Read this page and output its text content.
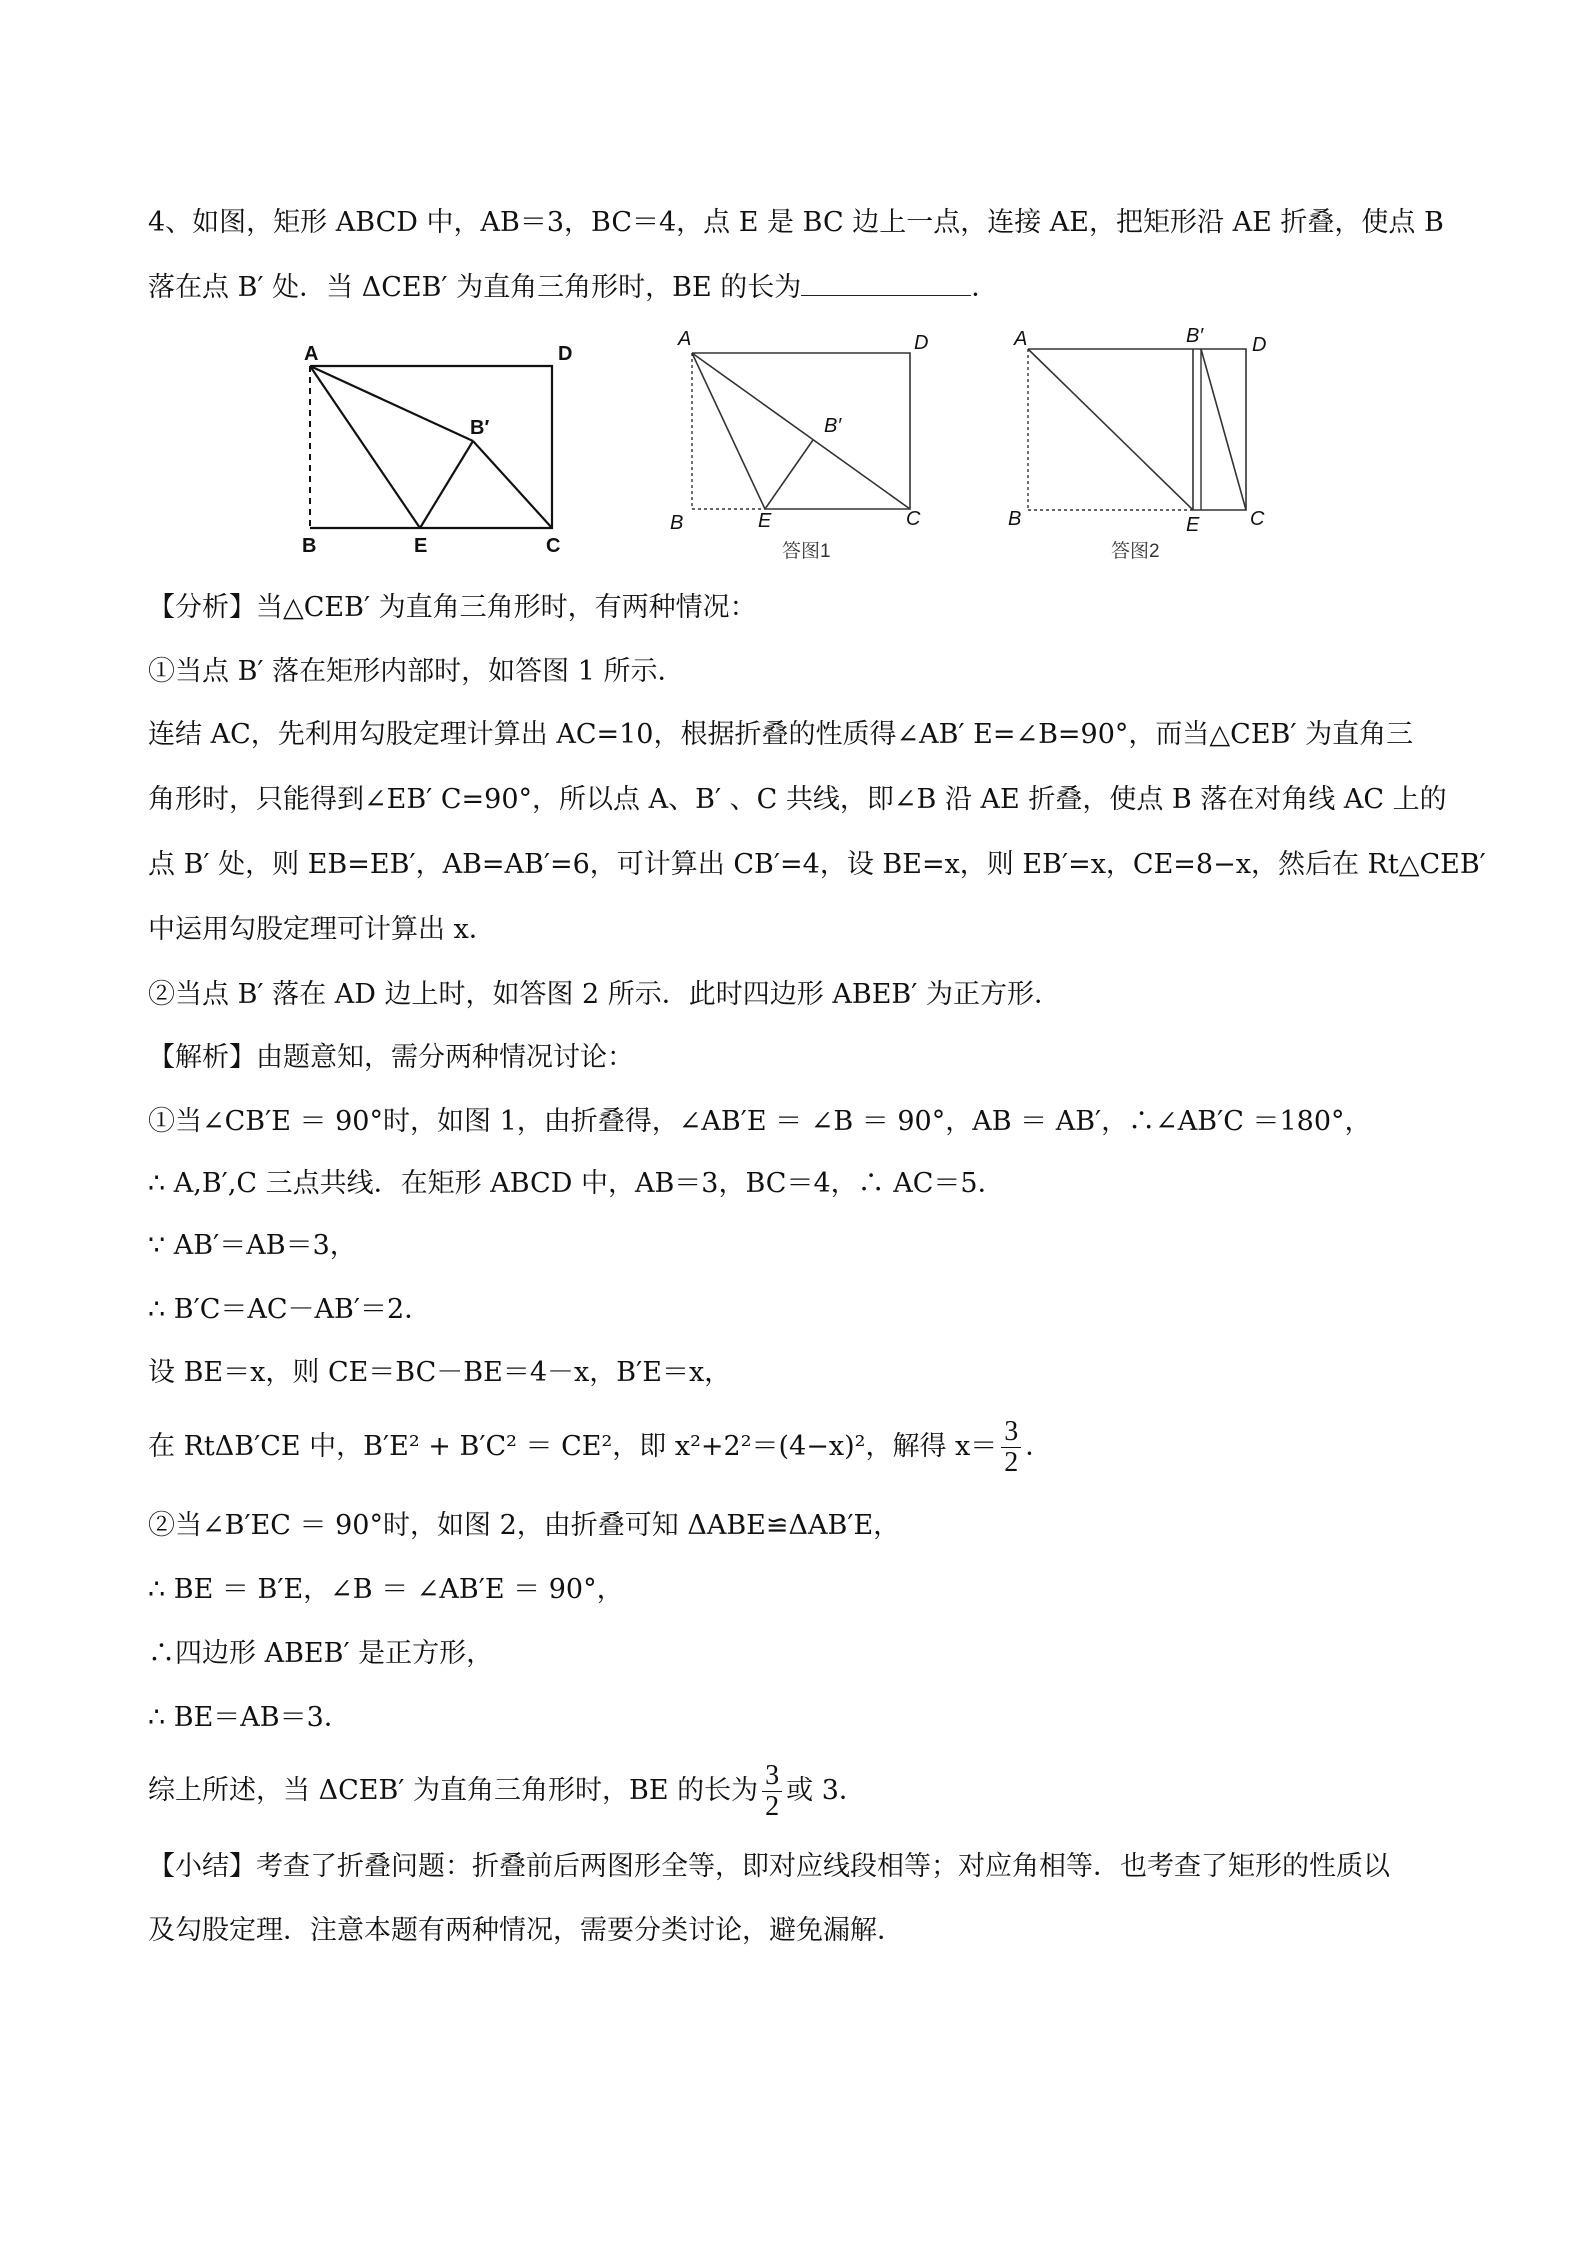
4、如图，矩形 ABCD 中，AB＝3，BC＝4，点 E 是 BC 边上一点，连接 AE，把矩形沿 AE 折叠，使点 B
落在点 B′ 处．当 ΔCEB′ 为直角三角形时，BE 的长为	．
A	D
B	E	C
B′
A	D
B	E	C
B′
答图1
A	B′ D
B	E	C
答图2
【分析】当△CEB′ 为直角三角形时，有两种情况：
①当点 B′ 落在矩形内部时，如答图 1 所示．
连结 AC，先利用勾股定理计算出 AC=10，根据折叠的性质得∠AB′ E=∠B=90°，而当△CEB′ 为直角三
角形时，只能得到∠EB′ C=90°，所以点 A、B′ 、C 共线，即∠B 沿 AE 折叠，使点 B 落在对角线 AC 上的
点 B′ 处，则 EB=EB′，AB=AB′=6，可计算出 CB′=4，设 BE=x，则 EB′=x，CE=8−x，然后在 Rt△CEB′
中运用勾股定理可计算出 x．
②当点 B′ 落在 AD 边上时，如答图 2 所示．此时四边形 ABEB′ 为正方形．
【解析】由题意知，需分两种情况讨论：
①当∠CB′E ＝ 90°时，如图 1，由折叠得，∠AB′E ＝ ∠B ＝ 90°，AB ＝ AB′，∴∠AB′C ＝180°，
∴ A,B′,C 三点共线．在矩形 ABCD 中，AB＝3，BC＝4，∴ AC＝5．
∵ AB′＝AB＝3，
∴ B′C＝AC－AB′＝2．
设 BE＝x，则 CE＝BC－BE＝4－x，B′E＝x，
在 RtΔB′CE 中，B′E² + B′C² ＝ CE²，即 x²+2²＝(4−x)²，解得 $x= \frac{3}{2}$ ．
②当∠B′EC ＝ 90°时，如图 2，由折叠可知 ΔABE≌ΔAB′E，
∴ BE ＝ B′E，∠B ＝ ∠AB′E ＝ 90°，
∴四边形 ABEB′ 是正方形，
∴ BE＝AB＝3．
综上所述，当 ΔCEB′ 为直角三角形时，BE 的长为 $\frac{3}{2}$ 或 3．
【小结】考查了折叠问题：折叠前后两图形全等，即对应线段相等；对应角相等．也考查了矩形的性质以
及勾股定理．注意本题有两种情况，需要分类讨论，避免漏解．
